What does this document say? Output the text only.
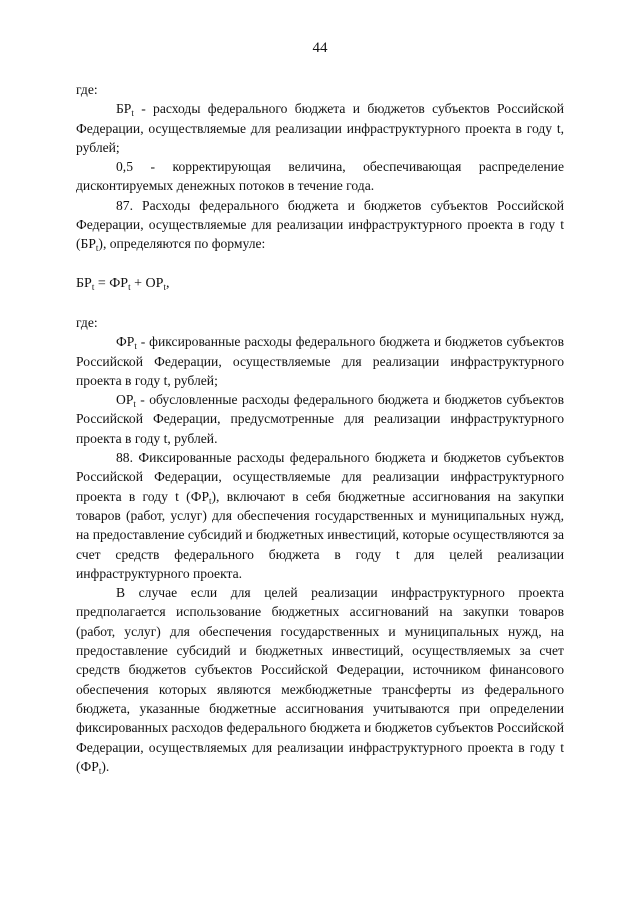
44

где:

$БР_t$ - расходы федерального бюджета и бюджетов субъектов Российской Федерации, осуществляемые для реализации инфраструктурного проекта в году t, рублей;

0,5 - корректирующая величина, обеспечивающая распределение дисконтируемых денежных потоков в течение года.

87. Расходы федерального бюджета и бюджетов субъектов Российской Федерации, осуществляемые для реализации инфраструктурного проекта в году t $(БР_t)$, определяются по формуле:

$БР_t = ФР_t + ОР_t$,

где:

$ФР_t$ - фиксированные расходы федерального бюджета и бюджетов субъектов Российской Федерации, осуществляемые для реализации инфраструктурного проекта в году t, рублей;

$ОР_t$ - обусловленные расходы федерального бюджета и бюджетов субъектов Российской Федерации, предусмотренные для реализации инфраструктурного проекта в году t, рублей.

88. Фиксированные расходы федерального бюджета и бюджетов субъектов Российской Федерации, осуществляемые для реализации инфраструктурного проекта в году t $(ФР_t)$, включают в себя бюджетные ассигнования на закупки товаров (работ, услуг) для обеспечения государственных и муниципальных нужд, на предоставление субсидий и бюджетных инвестиций, которые осуществляются за счет средств федерального бюджета в году t для целей реализации инфраструктурного проекта.

В случае если для целей реализации инфраструктурного проекта предполагается использование бюджетных ассигнований на закупки товаров (работ, услуг) для обеспечения государственных и муниципальных нужд, на предоставление субсидий и бюджетных инвестиций, осуществляемых за счет средств бюджетов субъектов Российской Федерации, источником финансового обеспечения которых являются межбюджетные трансферты из федерального бюджета, указанные бюджетные ассигнования учитываются при определении фиксированных расходов федерального бюджета и бюджетов субъектов Российской Федерации, осуществляемых для реализации инфраструктурного проекта в году t $(ФР_t)$.
